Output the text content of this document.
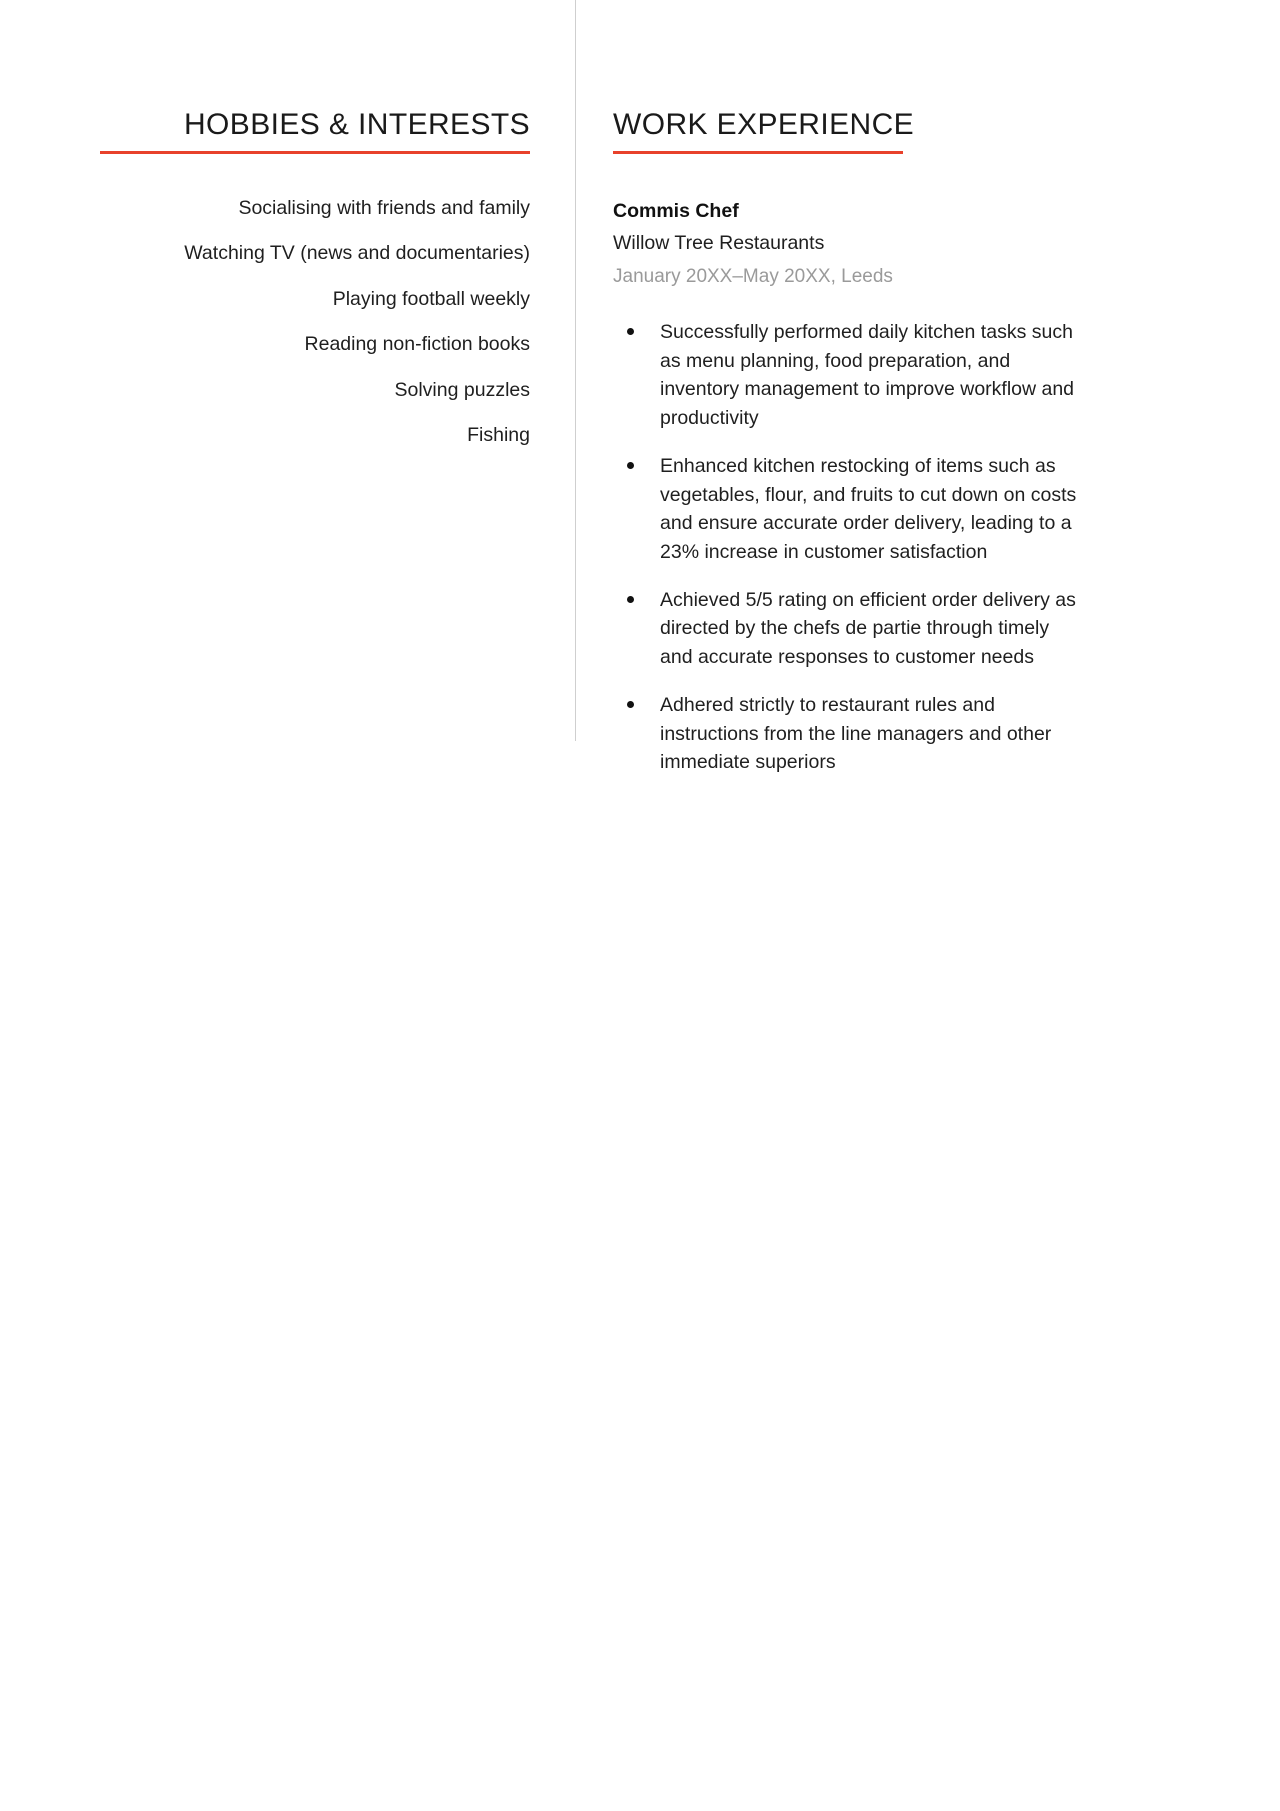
HOBBIES & INTERESTS
Socialising with friends and family
Watching TV (news and documentaries)
Playing football weekly
Reading non-fiction books
Solving puzzles
Fishing
WORK EXPERIENCE
Commis Chef
Willow Tree Restaurants
January 20XX–May 20XX, Leeds
Successfully performed daily kitchen tasks such as menu planning, food preparation, and inventory management to improve workflow and productivity
Enhanced kitchen restocking of items such as vegetables, flour, and fruits to cut down on costs and ensure accurate order delivery, leading to a 23% increase in customer satisfaction
Achieved 5/5 rating on efficient order delivery as directed by the chefs de partie through timely and accurate responses to customer needs
Adhered strictly to restaurant rules and instructions from the line managers and other immediate superiors
